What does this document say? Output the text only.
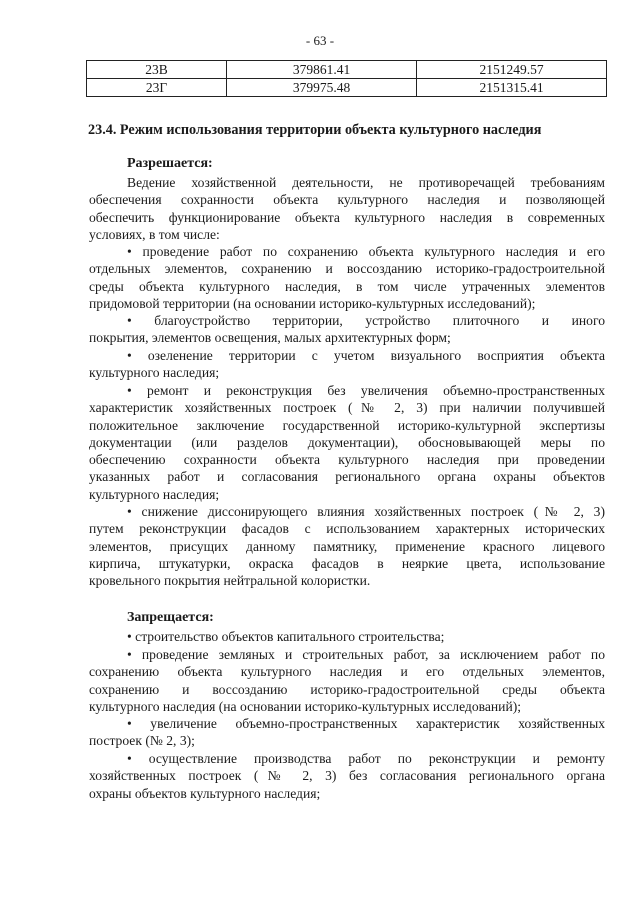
- 63 -
23В	379861.41	2151249.57
23Г	379975.48	2151315.41
23.4. Режим использования территории объекта культурного наследия
Разрешается:
Ведение хозяйственной деятельности, не противоречащей требованиям
обеспечения сохранности объекта культурного наследия и позволяющей
обеспечить функционирование объекта культурного наследия в современных
условиях, в том числе:
• проведение работ по сохранению объекта культурного наследия и его
отдельных элементов, сохранению и воссозданию историко-градостроительной
среды объекта культурного наследия, в том числе утраченных элементов
придомовой территории (на основании историко-культурных исследований);
• благоустройство территории, устройство плиточного и иного
покрытия, элементов освещения, малых архитектурных форм;
• озеленение территории с учетом визуального восприятия объекта
культурного наследия;
• ремонт и реконструкция без увеличения объемно-пространственных
характеристик хозяйственных построек (№ 2, 3) при наличии получившей
положительное заключение государственной историко-культурной экспертизы
документации (или разделов документации), обосновывающей меры по
обеспечению сохранности объекта культурного наследия при проведении
указанных работ и согласования регионального органа охраны объектов
культурного наследия;
• снижение диссонирующего влияния хозяйственных построек (№ 2, 3)
путем реконструкции фасадов с использованием характерных исторических
элементов, присущих данному памятнику, применение красного лицевого
кирпича, штукатурки, окраска фасадов в неяркие цвета, использование
кровельного покрытия нейтральной колористки.
Запрещается:
• строительство объектов капитального строительства;
• проведение земляных и строительных работ, за исключением работ по
сохранению объекта культурного наследия и его отдельных элементов,
сохранению и воссозданию историко-градостроительной среды объекта
культурного наследия (на основании историко-культурных исследований);
• увеличение объемно-пространственных характеристик хозяйственных
построек (№ 2, 3);
• осуществление производства работ по реконструкции и ремонту
хозяйственных построек (№ 2, 3) без согласования регионального органа
охраны объектов культурного наследия;
